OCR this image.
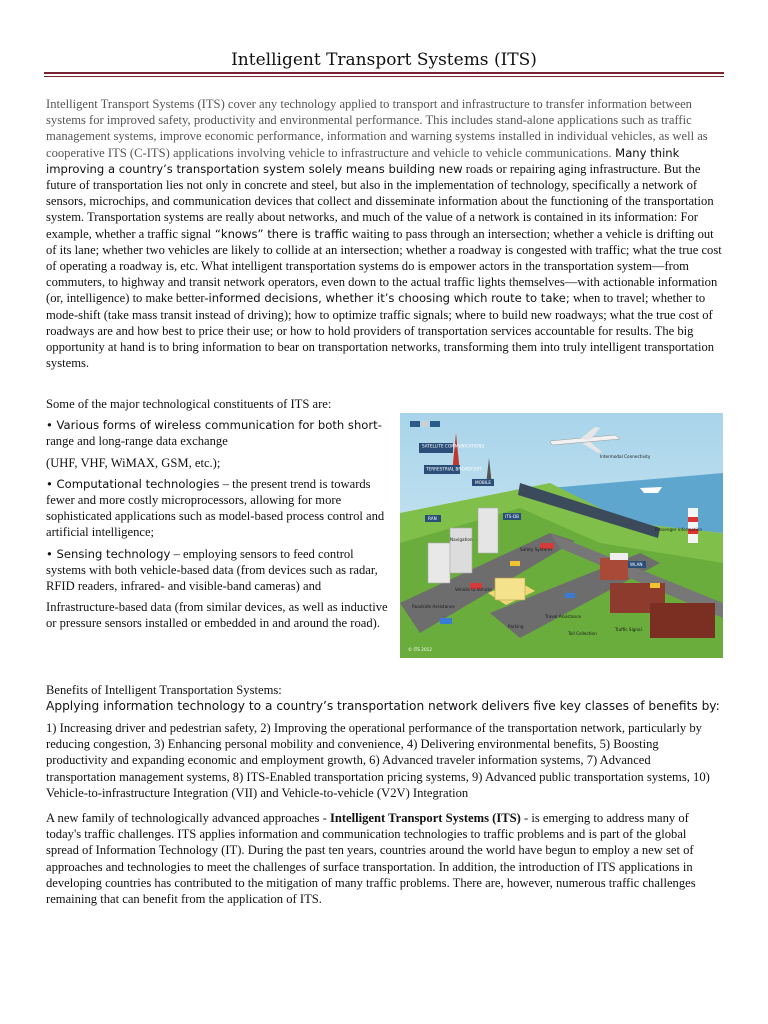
Intelligent Transport Systems (ITS)

Intelligent Transport Systems (ITS) cover any technology applied to transport and infrastructure to transfer information between systems for improved safety, productivity and environmental performance. This includes stand-alone applications such as traffic management systems, improve economic performance, information and warning systems installed in individual vehicles, as well as cooperative ITS (C-ITS) applications involving vehicle to infrastructure and vehicle to vehicle communications. Many think improving a country’s transportation system solely means building new roads or repairing aging infrastructure. But the future of transportation lies not only in concrete and steel, but also in the implementation of technology, specifically a network of sensors, microchips, and communication devices that collect and disseminate information about the functioning of the transportation system. Transportation systems are really about networks, and much of the value of a network is contained in its information: For example, whether a traffic signal “knows” there is traffic waiting to pass through an intersection; whether a vehicle is drifting out of its lane; whether two vehicles are likely to collide at an intersection; whether a roadway is congested with traffic; what the true cost of operating a roadway is, etc. What intelligent transportation systems do is empower actors in the transportation system—from commuters, to highway and transit network operators, even down to the actual traffic lights themselves—with actionable information (or, intelligence) to make better-informed decisions, whether it’s choosing which route to take; when to travel; whether to mode-shift (take mass transit instead of driving); how to optimize traffic signals; where to build new roadways; what the true cost of roadways are and how best to price their use; or how to hold providers of transportation services accountable for results. The big opportunity at hand is to bring information to bear on transportation networks, transforming them into truly intelligent transportation systems.

Some of the major technological constituents of ITS are:

• Various forms of wireless communication for both short-
range and long-range data exchange

(UHF, VHF, WiMAX, GSM, etc.);

• Computational technologies – the present trend is towards fewer and more costly microprocessors, allowing for more sophisticated applications such as model-based process control and artificial intelligence;

• Sensing technology – employing sensors to feed control systems with both vehicle-based data (from devices such as radar, RFID readers, infrared- and visible-band cameras) and

Infrastructure-based data (from similar devices, as well as inductive or pressure sensors installed or embedded in and around the road).

SATELLITE COMMUNICATIONS
TERRESTRIAL BROADCAST
MOBILE
ITS-DB
RAN
WLAN
Intermodal Connectivity
Passenger Information
Navigation
Safety Systems
Vehicle to Vehicle
Roadside Assistance
Parking
Traffic Signal
Toll Collection
Travel Assistance
© ITS 2012

Benefits of Intelligent Transportation Systems:

Applying information technology to a country’s transportation network delivers five key classes of benefits by:

1) Increasing driver and pedestrian safety, 2) Improving the operational performance of the transportation network, particularly by reducing congestion, 3) Enhancing personal mobility and convenience, 4) Delivering environmental benefits, 5) Boosting productivity and expanding economic and employment growth, 6) Advanced traveler information systems, 7) Advanced transportation management systems, 8) ITS-Enabled transportation pricing systems, 9) Advanced public transportation systems, 10) Vehicle-to-infrastructure Integration (VII) and Vehicle-to-vehicle (V2V) Integration

A new family of technologically advanced approaches - Intelligent Transport Systems (ITS) - is emerging to address many of today's traffic challenges. ITS applies information and communication technologies to traffic problems and is part of the global spread of Information Technology (IT). During the past ten years, countries around the world have begun to employ a new set of approaches and technologies to meet the challenges of surface transportation. In addition, the introduction of ITS applications in developing countries has contributed to the mitigation of many traffic problems. There are, however, numerous traffic challenges remaining that can benefit from the application of ITS.
